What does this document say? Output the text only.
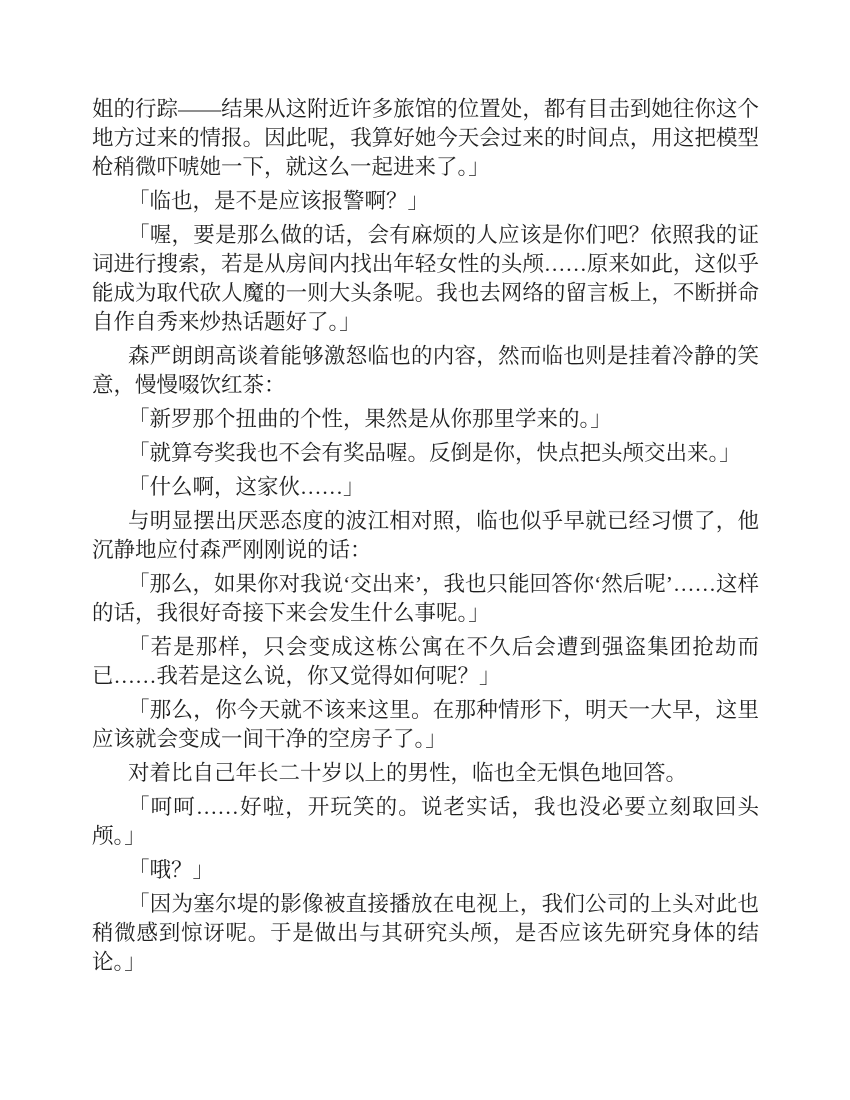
姐的行踪——结果从这附近许多旅馆的位置处，都有目击到她往你这个地方过来的情报。因此呢，我算好她今天会过来的时间点，用这把模型枪稍微吓唬她一下，就这么一起进来了。」

「临也，是不是应该报警啊？」

「喔，要是那么做的话，会有麻烦的人应该是你们吧？依照我的证词进行搜索，若是从房间内找出年轻女性的头颅……原来如此，这似乎能成为取代砍人魔的一则大头条呢。我也去网络的留言板上，不断拼命自作自秀来炒热话题好了。」

森严朗朗高谈着能够激怒临也的内容，然而临也则是挂着冷静的笑意，慢慢啜饮红茶：

「新罗那个扭曲的个性，果然是从你那里学来的。」

「就算夸奖我也不会有奖品喔。反倒是你，快点把头颅交出来。」

「什么啊，这家伙……」

与明显摆出厌恶态度的波江相对照，临也似乎早就已经习惯了，他沉静地应付森严刚刚说的话：

「那么，如果你对我说‘交出来’，我也只能回答你‘然后呢’……这样的话，我很好奇接下来会发生什么事呢。」

「若是那样，只会变成这栋公寓在不久后会遭到强盗集团抢劫而已……我若是这么说，你又觉得如何呢？」

「那么，你今天就不该来这里。在那种情形下，明天一大早，这里应该就会变成一间干净的空房子了。」

对着比自己年长二十岁以上的男性，临也全无惧色地回答。

「呵呵……好啦，开玩笑的。说老实话，我也没必要立刻取回头颅。」

「哦？」

「因为塞尔堤的影像被直接播放在电视上，我们公司的上头对此也稍微感到惊讶呢。于是做出与其研究头颅，是否应该先研究身体的结论。」
